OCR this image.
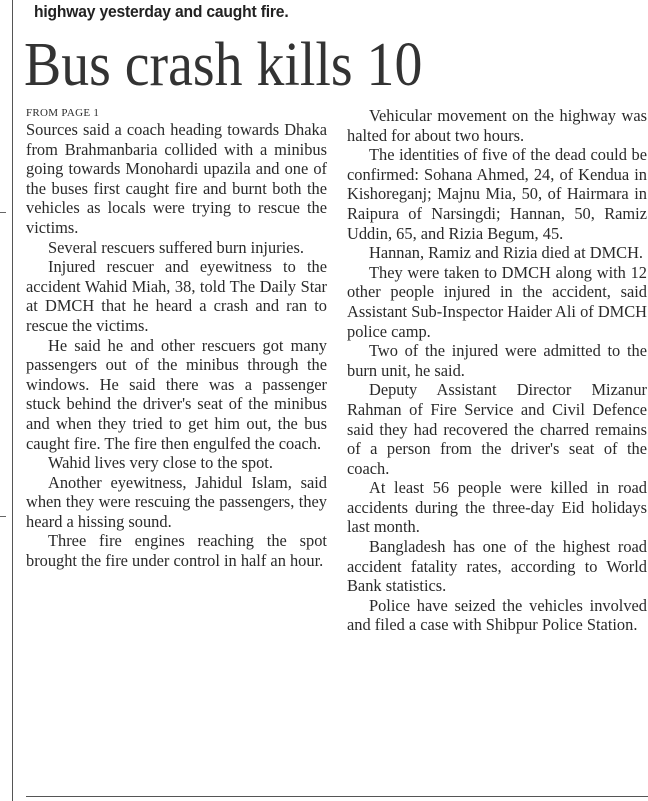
highway yesterday and caught fire.
Bus crash kills 10

FROM PAGE 1

Sources said a coach heading towards Dhaka from Brahmanbaria collided with a minibus going towards Monohardi upazila and one of the buses first caught fire and burnt both the vehicles as locals were trying to rescue the victims.

Several rescuers suffered burn injuries.

Injured rescuer and eyewitness to the accident Wahid Miah, 38, told The Daily Star at DMCH that he heard a crash and ran to rescue the victims.

He said he and other rescuers got many passengers out of the minibus through the windows. He said there was a passenger stuck behind the driver's seat of the minibus and when they tried to get him out, the bus caught fire. The fire then engulfed the coach.

Wahid lives very close to the spot.

Another eyewitness, Jahidul Islam, said when they were rescuing the passengers, they heard a hissing sound.

Three fire engines reaching the spot brought the fire under control in half an hour.

Vehicular movement on the highway was halted for about two hours.

The identities of five of the dead could be confirmed: Sohana Ahmed, 24, of Kendua in Kishoreganj; Majnu Mia, 50, of Hairmara in Raipura of Narsingdi; Hannan, 50, Ramiz Uddin, 65, and Rizia Begum, 45.

Hannan, Ramiz and Rizia died at DMCH.

They were taken to DMCH along with 12 other people injured in the accident, said Assistant Sub-Inspector Haider Ali of DMCH police camp.

Two of the injured were admitted to the burn unit, he said.

Deputy Assistant Director Mizanur Rahman of Fire Service and Civil Defence said they had recovered the charred remains of a person from the driver's seat of the coach.

At least 56 people were killed in road accidents during the three-day Eid holidays last month.

Bangladesh has one of the highest road accident fatality rates, according to World Bank statistics.

Police have seized the vehicles involved and filed a case with Shibpur Police Station.
